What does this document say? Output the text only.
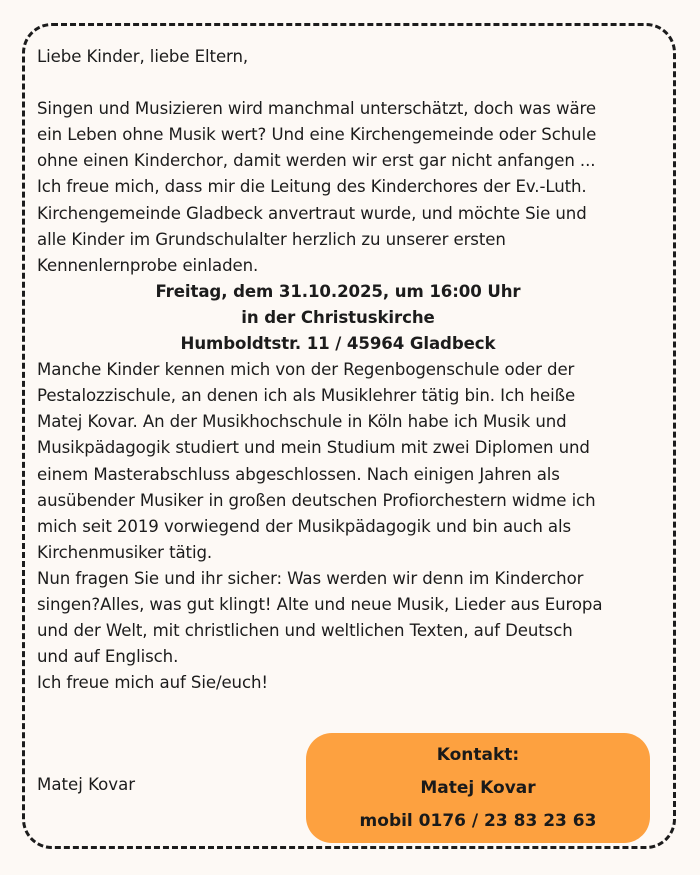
Liebe Kinder, liebe Eltern,

Singen und Musizieren wird manchmal unterschätzt, doch was wäre

ein Leben ohne Musik wert? Und eine Kirchengemeinde oder Schule

ohne einen Kinderchor, damit werden wir erst gar nicht anfangen ...

Ich freue mich, dass mir die Leitung des Kinderchores der Ev.-Luth.

Kirchengemeinde Gladbeck anvertraut wurde, und möchte Sie und

alle Kinder im Grundschulalter herzlich zu unserer ersten

Kennenlernprobe einladen.

Freitag, dem 31.10.2025, um 16:00 Uhr

in der Christuskirche

Humboldtstr. 11 / 45964 Gladbeck

Manche Kinder kennen mich von der Regenbogenschule oder der

Pestalozzischule, an denen ich als Musiklehrer tätig bin. Ich heiße

Matej Kovar. An der Musikhochschule in Köln habe ich Musik und

Musikpädagogik studiert und mein Studium mit zwei Diplomen und

einem Masterabschluss abgeschlossen. Nach einigen Jahren als

ausübender Musiker in großen deutschen Profiorchestern widme ich

mich seit 2019 vorwiegend der Musikpädagogik und bin auch als

Kirchenmusiker tätig.

Nun fragen Sie und ihr sicher: Was werden wir denn im Kinderchor

singen?Alles, was gut klingt! Alte und neue Musik, Lieder aus Europa

und der Welt, mit christlichen und weltlichen Texten, auf Deutsch

und auf Englisch.

Ich freue mich auf Sie/euch!

Matej Kovar
Kontakt:
Matej Kovar
mobil 0176 / 23 83 23 63
